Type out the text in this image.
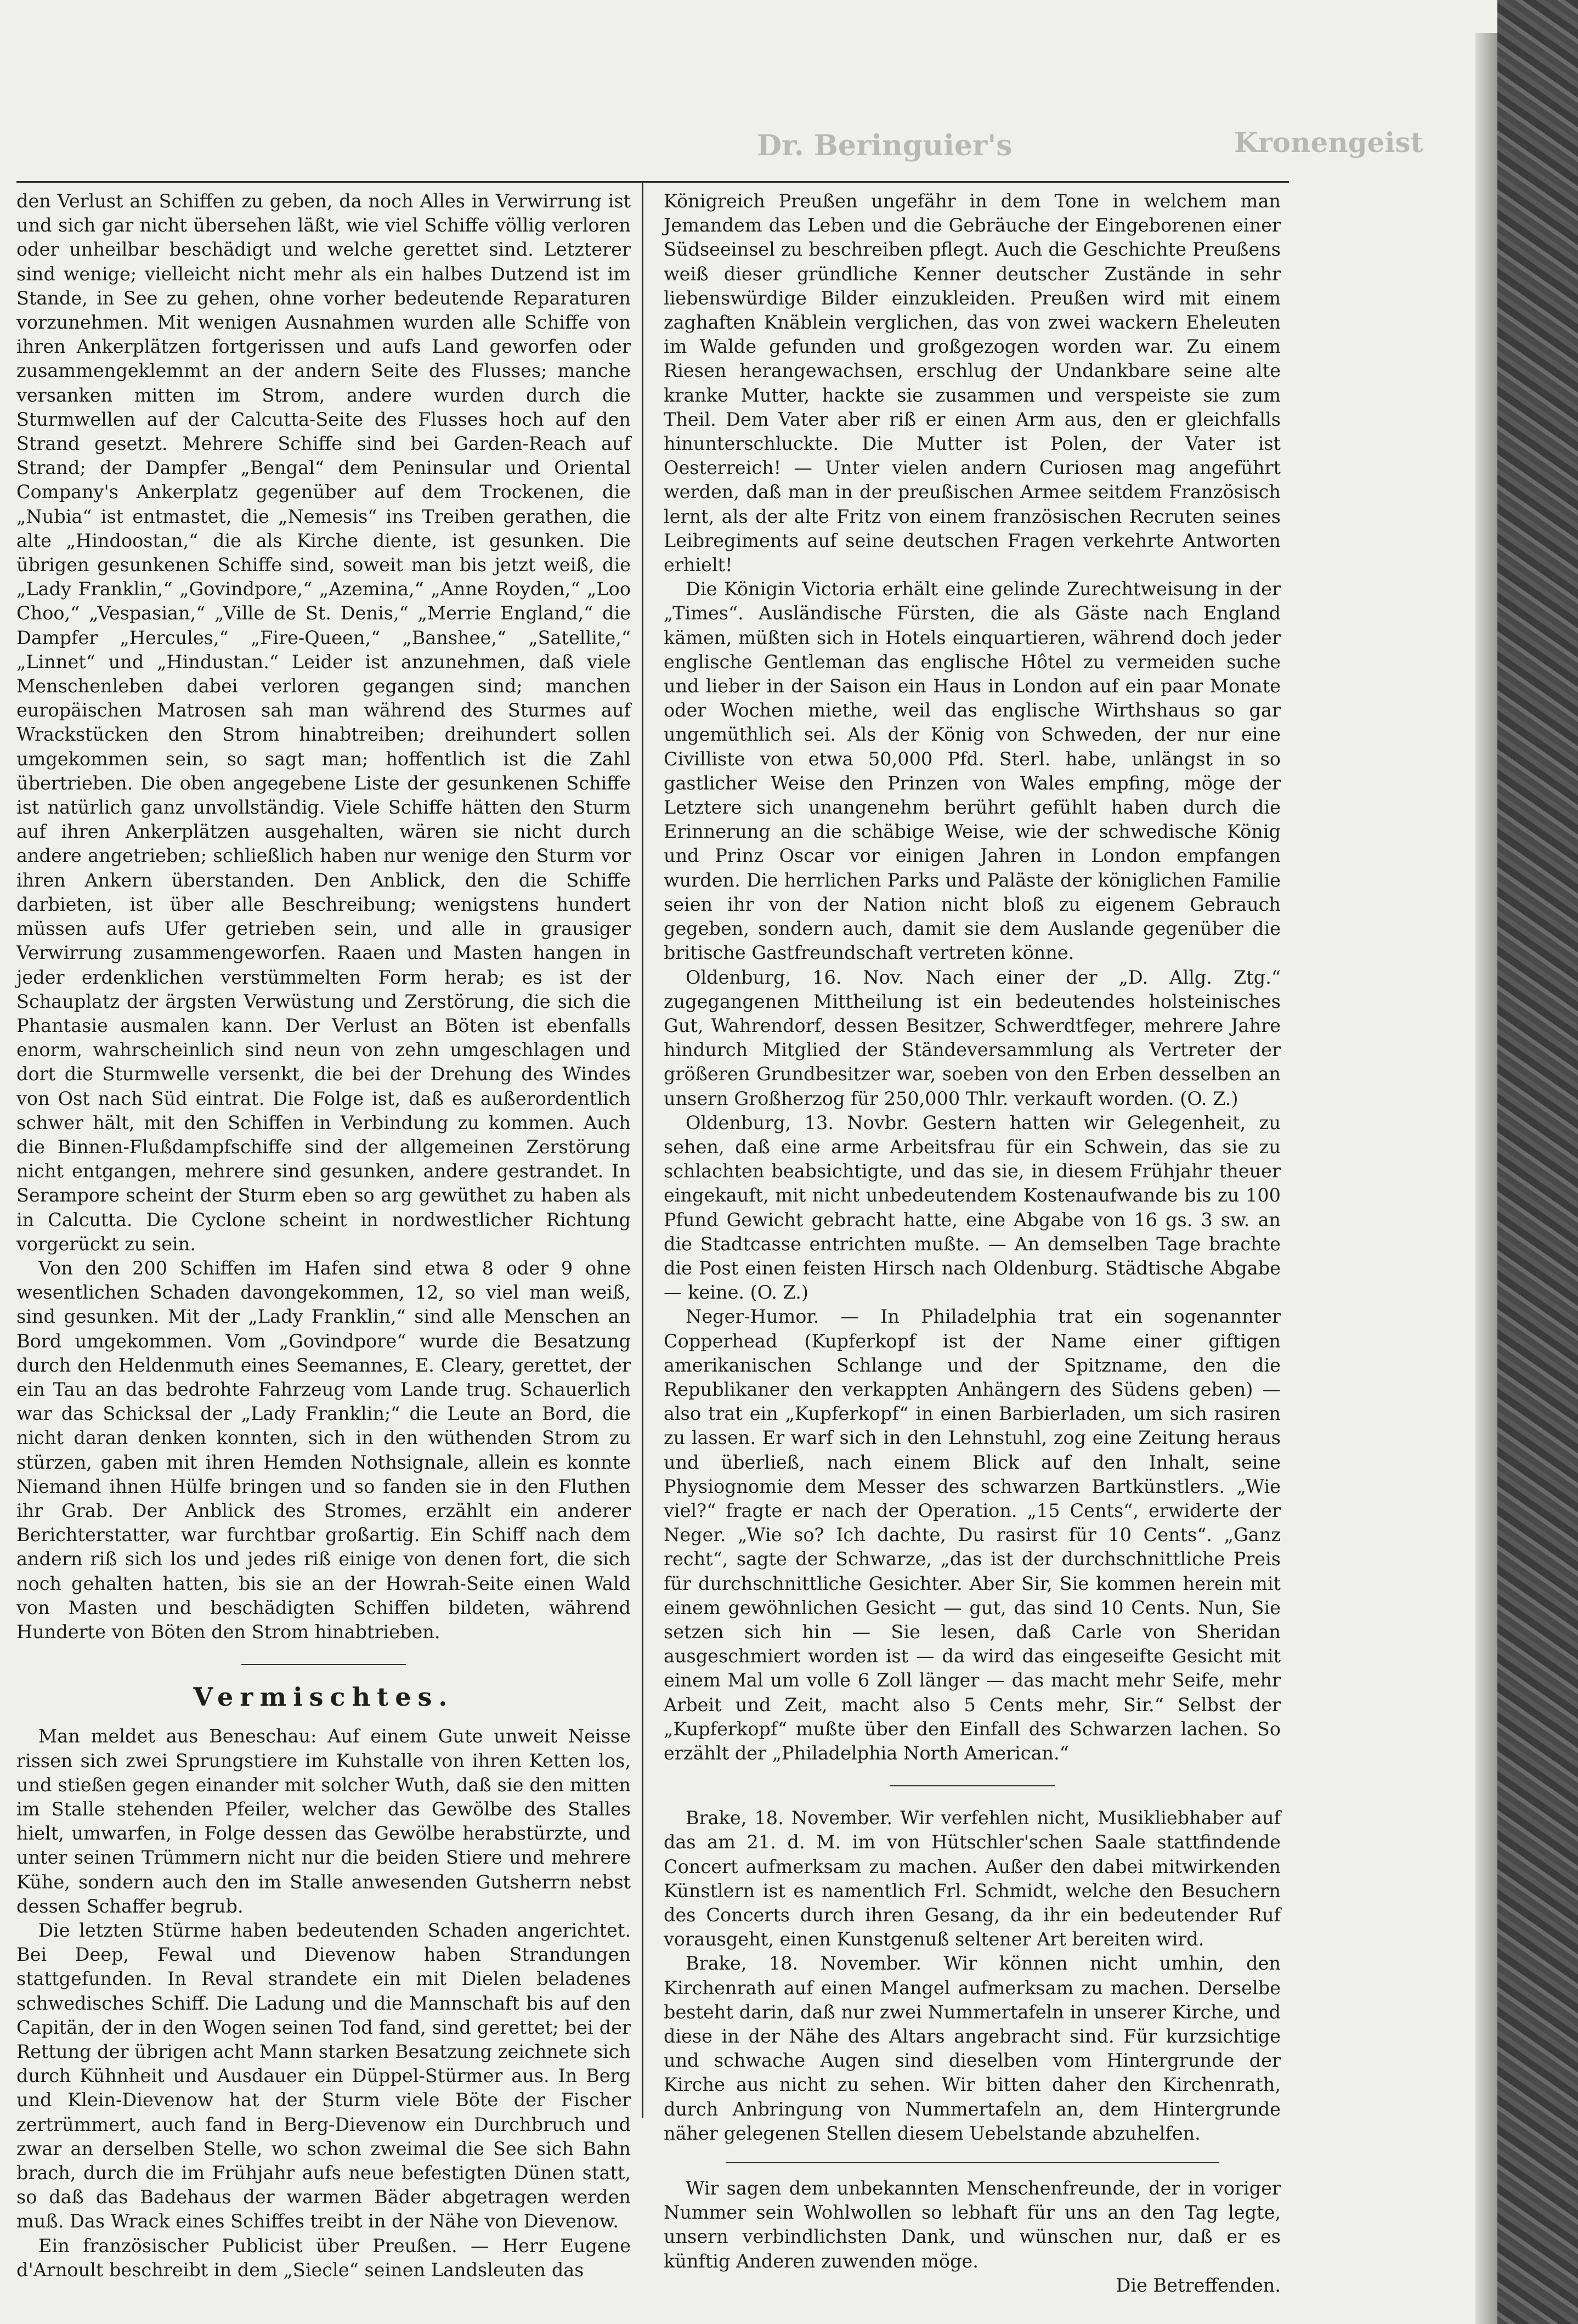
Dr. Beringuier's	Kronengeist

den Verlust an Schiffen zu geben, da noch Alles in Verwirrung ist und sich gar nicht übersehen läßt, wie viel Schiffe völlig verloren oder unheilbar beschädigt und welche gerettet sind. Letzterer sind wenige; vielleicht nicht mehr als ein halbes Dutzend ist im Stande, in See zu gehen, ohne vorher bedeutende Reparaturen vorzunehmen. Mit wenigen Ausnahmen wurden alle Schiffe von ihren Ankerplätzen fortgerissen und aufs Land geworfen oder zusammengeklemmt an der andern Seite des Flusses; manche versanken mitten im Strom, andere wurden durch die Sturmwellen auf der Calcutta-Seite des Flusses hoch auf den Strand gesetzt. Mehrere Schiffe sind bei Garden-Reach auf Strand; der Dampfer „Bengal“ dem Peninsular und Oriental Company's Ankerplatz gegenüber auf dem Trockenen, die „Nubia“ ist entmastet, die „Nemesis“ ins Treiben gerathen, die alte „Hindoostan,“ die als Kirche diente, ist gesunken. Die übrigen gesunkenen Schiffe sind, soweit man bis jetzt weiß, die „Lady Franklin,“ „Govindpore,“ „Azemina,“ „Anne Royden,“ „Loo Choo,“ „Vespasian,“ „Ville de St. Denis,“ „Merrie England,“ die Dampfer „Hercules,“ „Fire-Queen,“ „Banshee,“ „Satellite,“ „Linnet“ und „Hindustan.“ Leider ist anzunehmen, daß viele Menschenleben dabei verloren gegangen sind; manchen europäischen Matrosen sah man während des Sturmes auf Wrackstücken den Strom hinabtreiben; dreihundert sollen umgekommen sein, so sagt man; hoffentlich ist die Zahl übertrieben. Die oben angegebene Liste der gesunkenen Schiffe ist natürlich ganz unvollständig. Viele Schiffe hätten den Sturm auf ihren Ankerplätzen ausgehalten, wären sie nicht durch andere angetrieben; schließlich haben nur wenige den Sturm vor ihren Ankern überstanden. Den Anblick, den die Schiffe darbieten, ist über alle Beschreibung; wenigstens hundert müssen aufs Ufer getrieben sein, und alle in grausiger Verwirrung zusammengeworfen. Raaen und Masten hangen in jeder erdenklichen verstümmelten Form herab; es ist der Schauplatz der ärgsten Verwüstung und Zerstörung, die sich die Phantasie ausmalen kann. Der Verlust an Böten ist ebenfalls enorm, wahrscheinlich sind neun von zehn umgeschlagen und dort die Sturmwelle versenkt, die bei der Drehung des Windes von Ost nach Süd eintrat. Die Folge ist, daß es außerordentlich schwer hält, mit den Schiffen in Verbindung zu kommen. Auch die Binnen-Flußdampfschiffe sind der allgemeinen Zerstörung nicht entgangen, mehrere sind gesunken, andere gestrandet. In Serampore scheint der Sturm eben so arg gewüthet zu haben als in Calcutta. Die Cyclone scheint in nordwestlicher Richtung vorgerückt zu sein.

Von den 200 Schiffen im Hafen sind etwa 8 oder 9 ohne wesentlichen Schaden davongekommen, 12, so viel man weiß, sind gesunken. Mit der „Lady Franklin,“ sind alle Menschen an Bord umgekommen. Vom „Govindpore“ wurde die Besatzung durch den Heldenmuth eines Seemannes, E. Cleary, gerettet, der ein Tau an das bedrohte Fahrzeug vom Lande trug. Schauerlich war das Schicksal der „Lady Franklin;“ die Leute an Bord, die nicht daran denken konnten, sich in den wüthenden Strom zu stürzen, gaben mit ihren Hemden Nothsignale, allein es konnte Niemand ihnen Hülfe bringen und so fanden sie in den Fluthen ihr Grab. Der Anblick des Stromes, erzählt ein anderer Berichterstatter, war furchtbar großartig. Ein Schiff nach dem andern riß sich los und jedes riß einige von denen fort, die sich noch gehalten hatten, bis sie an der Howrah-Seite einen Wald von Masten und beschädigten Schiffen bildeten, während Hunderte von Böten den Strom hinabtrieben.

Vermischtes.

Man meldet aus Beneschau: Auf einem Gute unweit Neisse rissen sich zwei Sprungstiere im Kuhstalle von ihren Ketten los, und stießen gegen einander mit solcher Wuth, daß sie den mitten im Stalle stehenden Pfeiler, welcher das Gewölbe des Stalles hielt, umwarfen, in Folge dessen das Gewölbe herabstürzte, und unter seinen Trümmern nicht nur die beiden Stiere und mehrere Kühe, sondern auch den im Stalle anwesenden Gutsherrn nebst dessen Schaffer begrub.

Die letzten Stürme haben bedeutenden Schaden angerichtet. Bei Deep, Fewal und Dievenow haben Strandungen stattgefunden. In Reval strandete ein mit Dielen beladenes schwedisches Schiff. Die Ladung und die Mannschaft bis auf den Capitän, der in den Wogen seinen Tod fand, sind gerettet; bei der Rettung der übrigen acht Mann starken Besatzung zeichnete sich durch Kühnheit und Ausdauer ein Düppel-Stürmer aus. In Berg und Klein-Dievenow hat der Sturm viele Böte der Fischer zertrümmert, auch fand in Berg-Dievenow ein Durchbruch und zwar an derselben Stelle, wo schon zweimal die See sich Bahn brach, durch die im Frühjahr aufs neue befestigten Dünen statt, so daß das Badehaus der warmen Bäder abgetragen werden muß. Das Wrack eines Schiffes treibt in der Nähe von Dievenow.

Ein französischer Publicist über Preußen. — Herr Eugene d'Arnoult beschreibt in dem „Siecle“ seinen Landsleuten das

Königreich Preußen ungefähr in dem Tone in welchem man Jemandem das Leben und die Gebräuche der Eingeborenen einer Südseeinsel zu beschreiben pflegt. Auch die Geschichte Preußens weiß dieser gründliche Kenner deutscher Zustände in sehr liebenswürdige Bilder einzukleiden. Preußen wird mit einem zaghaften Knäblein verglichen, das von zwei wackern Eheleuten im Walde gefunden und großgezogen worden war. Zu einem Riesen herangewachsen, erschlug der Undankbare seine alte kranke Mutter, hackte sie zusammen und verspeiste sie zum Theil. Dem Vater aber riß er einen Arm aus, den er gleichfalls hinunterschluckte. Die Mutter ist Polen, der Vater ist Oesterreich! — Unter vielen andern Curiosen mag angeführt werden, daß man in der preußischen Armee seitdem Französisch lernt, als der alte Fritz von einem französischen Recruten seines Leibregiments auf seine deutschen Fragen verkehrte Antworten erhielt!

Die Königin Victoria erhält eine gelinde Zurechtweisung in der „Times“. Ausländische Fürsten, die als Gäste nach England kämen, müßten sich in Hotels einquartieren, während doch jeder englische Gentleman das englische Hôtel zu vermeiden suche und lieber in der Saison ein Haus in London auf ein paar Monate oder Wochen miethe, weil das englische Wirthshaus so gar ungemüthlich sei. Als der König von Schweden, der nur eine Civilliste von etwa 50,000 Pfd. Sterl. habe, unlängst in so gastlicher Weise den Prinzen von Wales empfing, möge der Letztere sich unangenehm berührt gefühlt haben durch die Erinnerung an die schäbige Weise, wie der schwedische König und Prinz Oscar vor einigen Jahren in London empfangen wurden. Die herrlichen Parks und Paläste der königlichen Familie seien ihr von der Nation nicht bloß zu eigenem Gebrauch gegeben, sondern auch, damit sie dem Auslande gegenüber die britische Gastfreundschaft vertreten könne.

Oldenburg, 16. Nov. Nach einer der „D. Allg. Ztg.“ zugegangenen Mittheilung ist ein bedeutendes holsteinisches Gut, Wahrendorf, dessen Besitzer, Schwerdtfeger, mehrere Jahre hindurch Mitglied der Ständeversammlung als Vertreter der größeren Grundbesitzer war, soeben von den Erben desselben an unsern Großherzog für 250,000 Thlr. verkauft worden. (O. Z.)

Oldenburg, 13. Novbr. Gestern hatten wir Gelegenheit, zu sehen, daß eine arme Arbeitsfrau für ein Schwein, das sie zu schlachten beabsichtigte, und das sie, in diesem Frühjahr theuer eingekauft, mit nicht unbedeutendem Kostenaufwande bis zu 100 Pfund Gewicht gebracht hatte, eine Abgabe von 16 gs. 3 sw. an die Stadtcasse entrichten mußte. — An demselben Tage brachte die Post einen feisten Hirsch nach Oldenburg. Städtische Abgabe — keine. (O. Z.)

Neger-Humor. — In Philadelphia trat ein sogenannter Copperhead (Kupferkopf ist der Name einer giftigen amerikanischen Schlange und der Spitzname, den die Republikaner den verkappten Anhängern des Südens geben) — also trat ein „Kupferkopf“ in einen Barbierladen, um sich rasiren zu lassen. Er warf sich in den Lehnstuhl, zog eine Zeitung heraus und überließ, nach einem Blick auf den Inhalt, seine Physiognomie dem Messer des schwarzen Bartkünstlers. „Wie viel?“ fragte er nach der Operation. „15 Cents“, erwiderte der Neger. „Wie so? Ich dachte, Du rasirst für 10 Cents“. „Ganz recht“, sagte der Schwarze, „das ist der durchschnittliche Preis für durchschnittliche Gesichter. Aber Sir, Sie kommen herein mit einem gewöhnlichen Gesicht — gut, das sind 10 Cents. Nun, Sie setzen sich hin — Sie lesen, daß Carle von Sheridan ausgeschmiert worden ist — da wird das eingeseifte Gesicht mit einem Mal um volle 6 Zoll länger — das macht mehr Seife, mehr Arbeit und Zeit, macht also 5 Cents mehr, Sir.“ Selbst der „Kupferkopf“ mußte über den Einfall des Schwarzen lachen. So erzählt der „Philadelphia North American.“

Brake, 18. November. Wir verfehlen nicht, Musikliebhaber auf das am 21. d. M. im von Hütschler'schen Saale stattfindende Concert aufmerksam zu machen. Außer den dabei mitwirkenden Künstlern ist es namentlich Frl. Schmidt, welche den Besuchern des Concerts durch ihren Gesang, da ihr ein bedeutender Ruf vorausgeht, einen Kunstgenuß seltener Art bereiten wird.

Brake, 18. November. Wir können nicht umhin, den Kirchenrath auf einen Mangel aufmerksam zu machen. Derselbe besteht darin, daß nur zwei Nummertafeln in unserer Kirche, und diese in der Nähe des Altars angebracht sind. Für kurzsichtige und schwache Augen sind dieselben vom Hintergrunde der Kirche aus nicht zu sehen. Wir bitten daher den Kirchenrath, durch Anbringung von Nummertafeln an, dem Hintergrunde näher gelegenen Stellen diesem Uebelstande abzuhelfen.

Wir sagen dem unbekannten Menschenfreunde, der in voriger Nummer sein Wohlwollen so lebhaft für uns an den Tag legte, unsern verbindlichsten Dank, und wünschen nur, daß er es künftig Anderen zuwenden möge.

Die Betreffenden.
